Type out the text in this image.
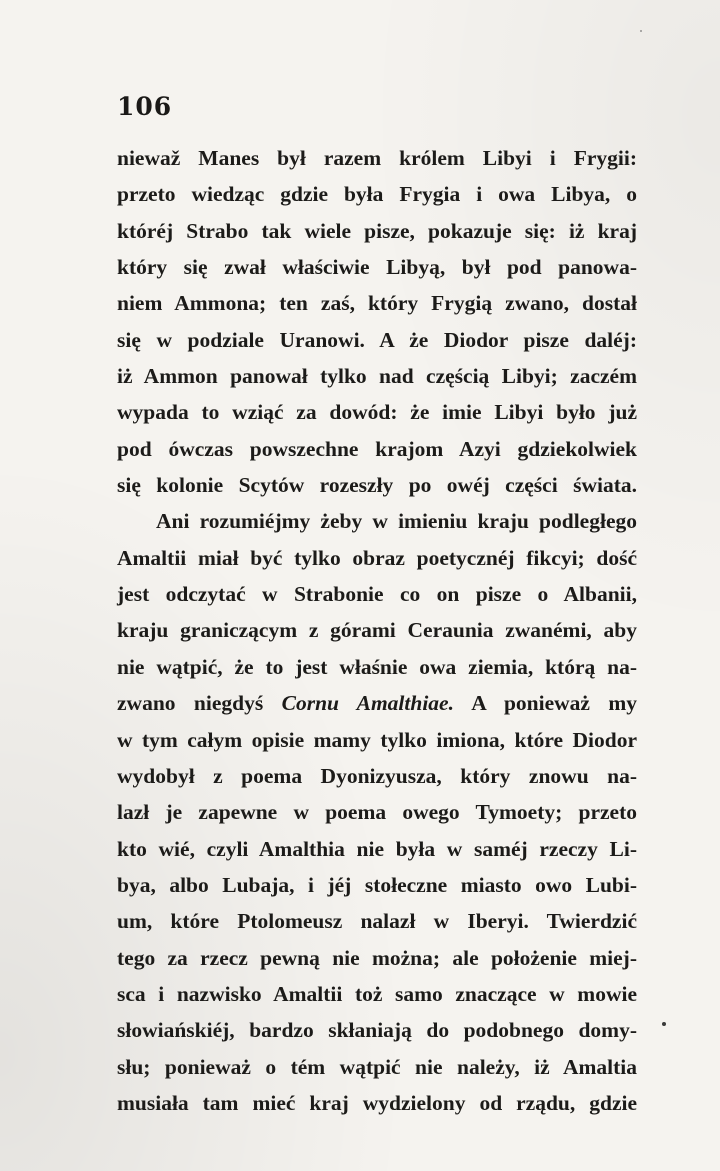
106
niewaž Manes był razem królem Libyi i Frygii:
przeto wiedząc gdzie była Frygia i owa Libya, o
któréj Strabo tak wiele pisze, pokazuje się: iż kraj
który się zwał właściwie Libyą, był pod panowa-
niem Ammona; ten zaś, który Frygią zwano, dostał
się w podziale Uranowi. A że Diodor pisze daléj:
iż Ammon panował tylko nad częścią Libyi; zaczém
wypada to wziąć za dowód: że imie Libyi było już
pod ówczas powszechne krajom Azyi gdziekolwiek
się kolonie Scytów rozeszły po owéj części świata.
Ani rozumiéjmy żeby w imieniu kraju podległego
Amaltii miał być tylko obraz poetycznéj fikcyi; dość
jest odczytać w Strabonie co on pisze o Albanii,
kraju graniczącym z górami Ceraunia zwanémi, aby
nie wątpić, że to jest właśnie owa ziemia, którą na-
zwano niegdyś Cornu Amalthiae. A ponieważ my
w tym całym opisie mamy tylko imiona, które Diodor
wydobył z poema Dyonizyusza, który znowu na-
lazł je zapewne w poema owego Tymoety; przeto
kto wié, czyli Amalthia nie była w saméj rzeczy Li-
bya, albo Lubaja, i jéj stołeczne miasto owo Lubi-
um, które Ptolomeusz nalazł w Iberyi. Twierdzić
tego za rzecz pewną nie można; ale położenie miej-
sca i nazwisko Amaltii toż samo znaczące w mowie
słowiańskiéj, bardzo skłaniają do podobnego domy-
słu; ponieważ o tém wątpić nie należy, iż Amaltia
musiała tam mieć kraj wydzielony od rządu, gdzie
